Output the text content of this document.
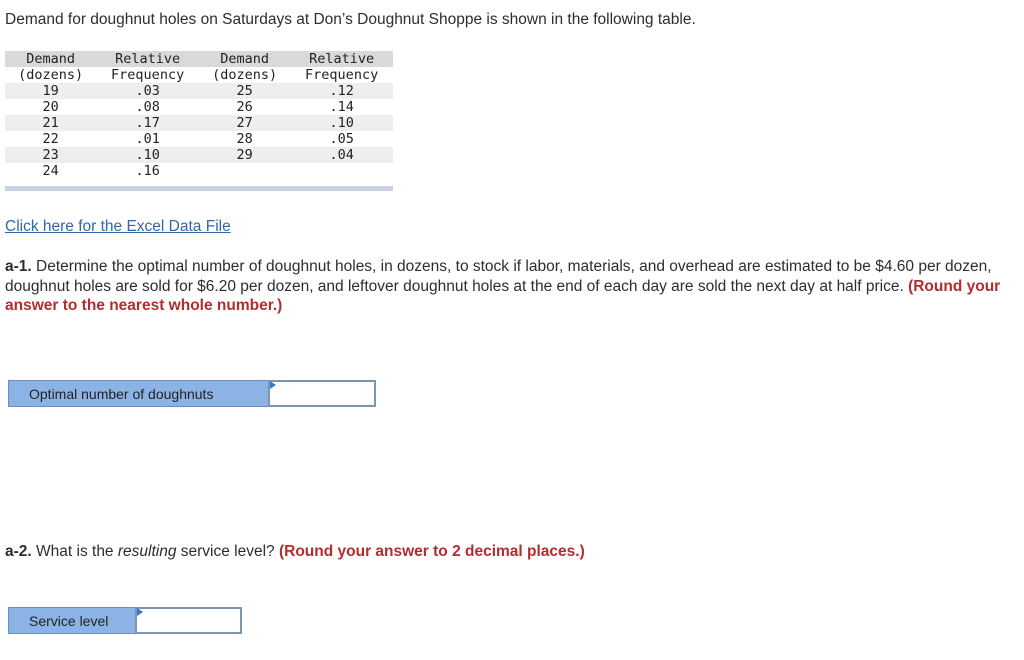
Demand for doughnut holes on Saturdays at Don’s Doughnut Shoppe is shown in the following table.

Demand	Relative	Demand	Relative
(dozens)	Frequency	(dozens)	Frequency
19	.03	25	.12
20	.08	26	.14
21	.17	27	.10
22	.01	28	.05
23	.10	29	.04
24	.16		

Click here for the Excel Data File

a-1. Determine the optimal number of doughnut holes, in dozens, to stock if labor, materials, and overhead are estimated to be $4.60 per dozen, doughnut holes are sold for $6.20 per dozen, and leftover doughnut holes at the end of each day are sold the next day at half price. (Round your answer to the nearest whole number.)

Optimal number of doughnuts

a-2. What is the resulting service level? (Round your answer to 2 decimal places.)

Service level
